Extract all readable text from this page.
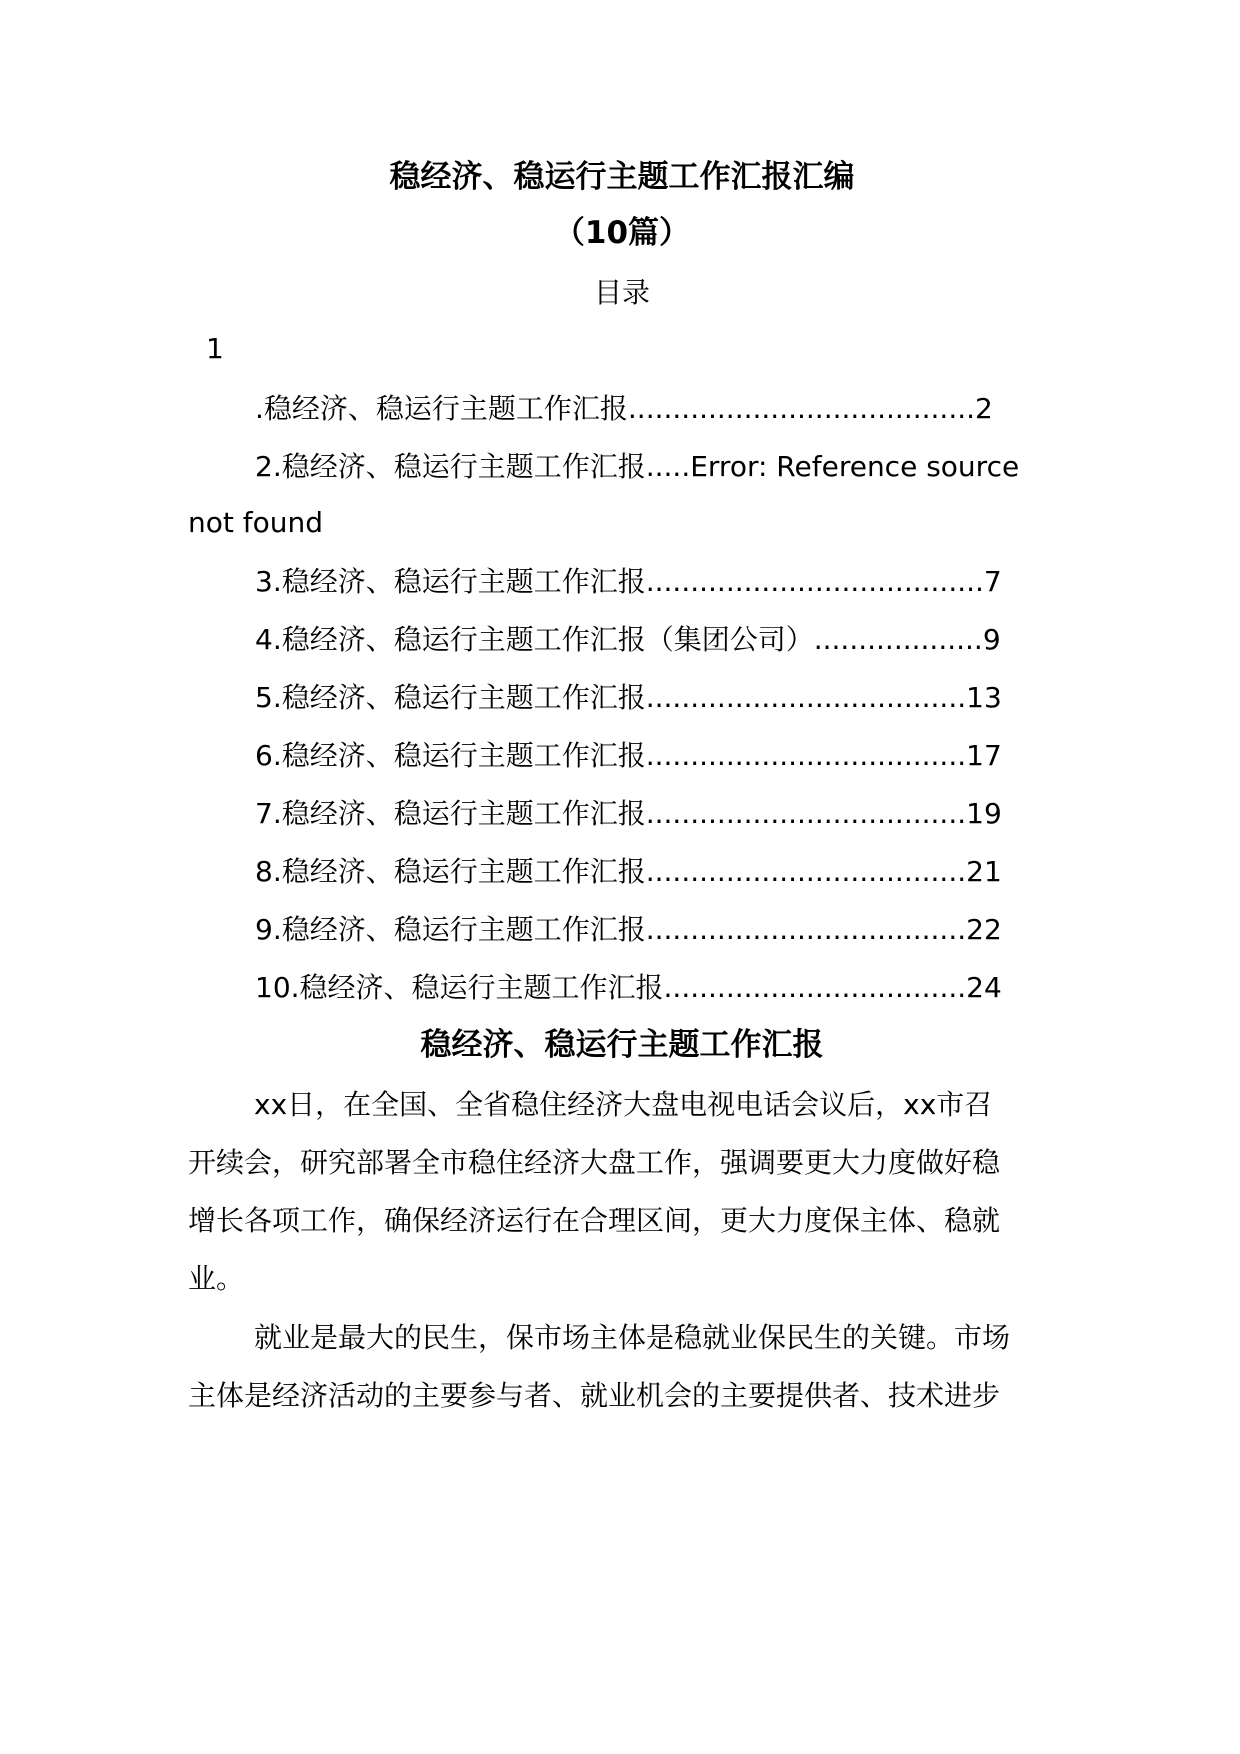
稳经济、稳运行主题工作汇报汇编
（10篇）
目录
1
.稳经济、稳运行主题工作汇报.......................................2
2.稳经济、稳运行主题工作汇报.....Error: Reference source
not found
3.稳经济、稳运行主题工作汇报......................................7
4.稳经济、稳运行主题工作汇报（集团公司）...................9
5.稳经济、稳运行主题工作汇报....................................13
6.稳经济、稳运行主题工作汇报....................................17
7.稳经济、稳运行主题工作汇报....................................19
8.稳经济、稳运行主题工作汇报....................................21
9.稳经济、稳运行主题工作汇报....................................22
10.稳经济、稳运行主题工作汇报..................................24
稳经济、稳运行主题工作汇报
xx日，在全国、全省稳住经济大盘电视电话会议后，xx市召
开续会，研究部署全市稳住经济大盘工作，强调要更大力度做好稳
增长各项工作，确保经济运行在合理区间，更大力度保主体、稳就
业。
就业是最大的民生，保市场主体是稳就业保民生的关键。市场
主体是经济活动的主要参与者、就业机会的主要提供者、技术进步
